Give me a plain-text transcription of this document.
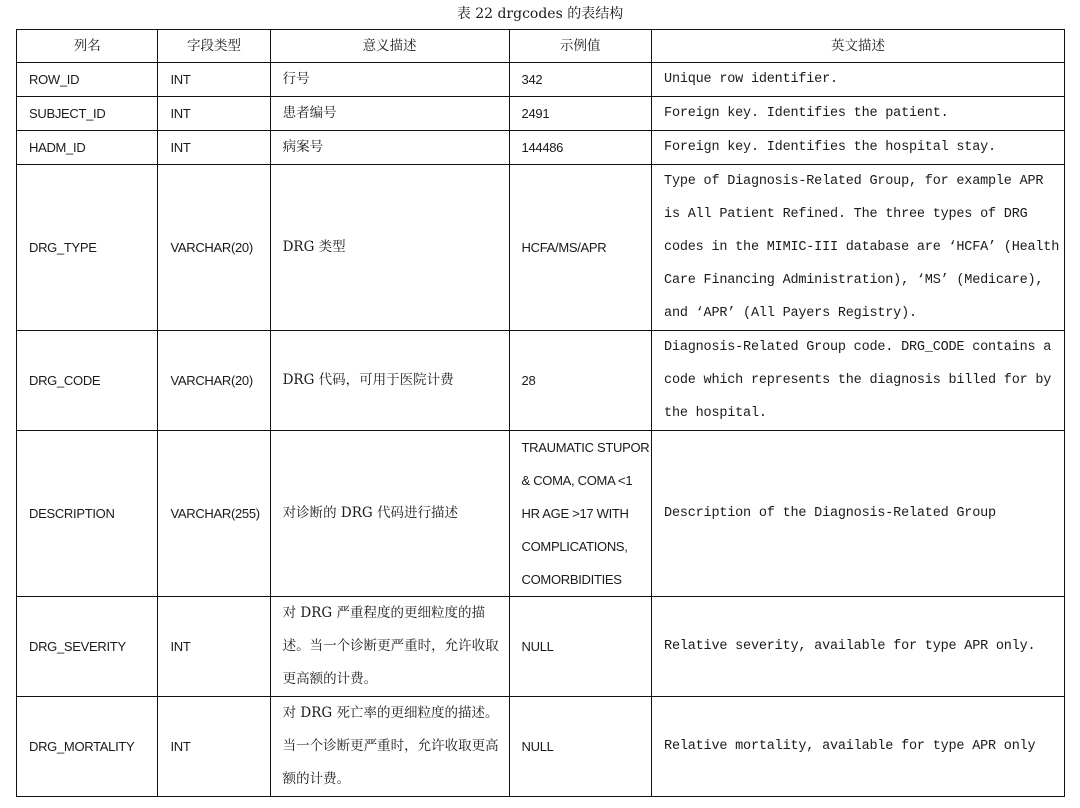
表 22 drgcodes 的表结构
列名	字段类型	意义描述	示例值	英文描述
ROW_ID	INT	行号	342	Unique row identifier.
SUBJECT_ID	INT	患者编号	2491	Foreign key. Identifies the patient.
HADM_ID	INT	病案号	144486	Foreign key. Identifies the hospital stay.
DRG_TYPE	VARCHAR(20)	DRG 类型	HCFA/MS/APR	Type of Diagnosis-Related Group, for example APR is All Patient Refined. The three types of DRG codes in the MIMIC-III database are ‘HCFA’ (Health Care Financing Administration), ‘MS’ (Medicare), and ‘APR’ (All Payers Registry).
DRG_CODE	VARCHAR(20)	DRG 代码，可用于医院计费	28	Diagnosis-Related Group code. DRG_CODE contains a code which represents the diagnosis billed for by the hospital.
DESCRIPTION	VARCHAR(255)	对诊断的 DRG 代码进行描述	TRAUMATIC STUPOR & COMA, COMA <1 HR AGE >17 WITH COMPLICATIONS, COMORBIDITIES	Description of the Diagnosis-Related Group
DRG_SEVERITY	INT	对 DRG 严重程度的更细粒度的描述。当一个诊断更严重时，允许收取更高额的计费。	NULL	Relative severity, available for type APR only.
DRG_MORTALITY	INT	对 DRG 死亡率的更细粒度的描述。当一个诊断更严重时，允许收取更高额的计费。	NULL	Relative mortality, available for type APR only
